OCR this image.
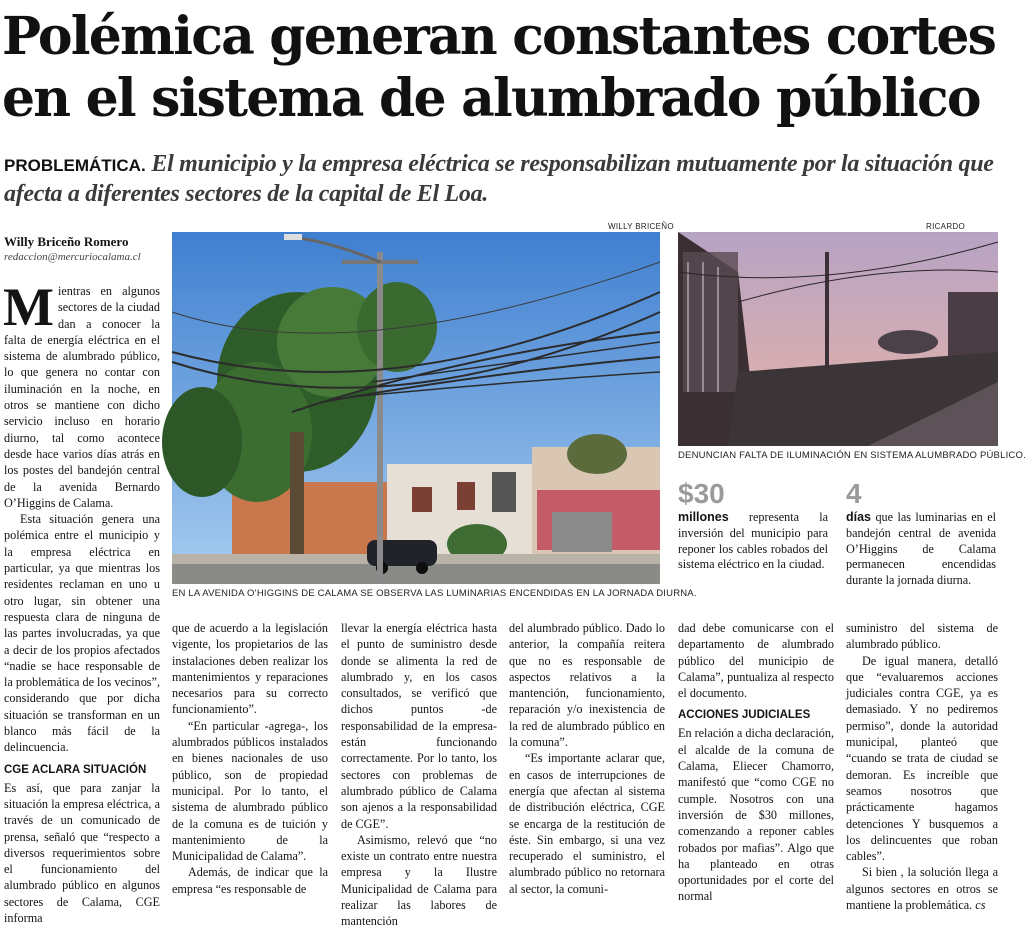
Polémica generan constantes cortes
en el sistema de alumbrado público
PROBLEMÁTICA. El municipio y la empresa eléctrica se responsabilizan mutuamente por la situación que afecta a diferentes sectores de la capital de El Loa.
Willy Briceño Romero
redaccion@mercuriocalama.cl
WILLY BRICEÑO
EN LA AVENIDA O’HIGGINS DE CALAMA SE OBSERVA LAS LUMINARIAS ENCENDIDAS EN LA JORNADA DIURNA.
RICARDO
DENUNCIAN FALTA DE ILUMINACIÓN EN SISTEMA ALUMBRADO PÚBLICO.
$30
millones representa la inversión del municipio para reponer los cables robados del sistema eléctrico en la ciudad.
4
días que las luminarias en el bandejón central de avenida O’Higgins de Calama permanecen encendidas durante la jornada diurna.

Mientras en algunos sectores de la ciudad dan a conocer la falta de energía eléctrica en el sistema de alumbrado público, lo que genera no contar con iluminación en la noche, en otros se mantiene con dicho servicio incluso en horario diurno, tal como acontece desde hace varios días atrás en los postes del bandejón central de la avenida Bernardo O’Higgins de Calama.

Esta situación genera una polémica entre el municipio y la empresa eléctrica en particular, ya que mientras los residentes reclaman en uno u otro lugar, sin obtener una respuesta clara de ninguna de las partes involucradas, ya que a decir de los propios afectados “nadie se hace responsable de la problemática de los vecinos”, considerando que por dicha situación se transforman en un blanco más fácil de la delincuencia.

CGE ACLARA SITUACIÓN

Es así, que para zanjar la situación la empresa eléctrica, a través de un comunicado de prensa, señaló que “respecto a diversos requerimientos sobre el funcionamiento del alumbrado público en algunos sectores de Calama, CGE informa

que de acuerdo a la legislación vigente, los propietarios de las instalaciones deben realizar los mantenimientos y reparaciones necesarios para su correcto funcionamiento”.

“En particular -agrega-, los alumbrados públicos instalados en bienes nacionales de uso público, son de propiedad municipal. Por lo tanto, el sistema de alumbrado público de la comuna es de tuición y mantenimiento de la Municipalidad de Calama”.

Además, de indicar que la empresa “es responsable de

llevar la energía eléctrica hasta el punto de suministro desde donde se alimenta la red de alumbrado y, en los casos consultados, se verificó que dichos puntos -de responsabilidad de la empresa- están funcionando correctamente. Por lo tanto, los sectores con problemas de alumbrado público de Calama son ajenos a la responsabilidad de CGE”.

Asimismo, relevó que “no existe un contrato entre nuestra empresa y la Ilustre Municipalidad de Calama para realizar las labores de mantención

del alumbrado público. Dado lo anterior, la compañía reitera que no es responsable de aspectos relativos a la mantención, funcionamiento, reparación y/o inexistencia de la red de alumbrado público en la comuna”.

“Es importante aclarar que, en casos de interrupciones de energía que afectan al sistema de distribución eléctrica, CGE se encarga de la restitución de éste. Sin embargo, si una vez recuperado el suministro, el alumbrado público no retornara al sector, la comuni-

dad debe comunicarse con el departamento de alumbrado público del municipio de Calama”, puntualiza al respecto el documento.

ACCIONES JUDICIALES

En relación a dicha declaración, el alcalde de la comuna de Calama, Eliecer Chamorro, manifestó que “como CGE no cumple. Nosotros con una inversión de $30 millones, comenzando a reponer cables robados por mafias”. Algo que ha planteado en otras oportunidades por el corte del normal

suministro del sistema de alumbrado público.

De igual manera, detalló que “evaluaremos acciones judiciales contra CGE, ya es demasiado. Y no pediremos permiso”, donde la autoridad municipal, planteó que “cuando se trata de ciudad se demoran. Es increíble que seamos nosotros que prácticamente hagamos detenciones Y busquemos a los delincuentes que roban cables”.

Si bien , la solución llega a algunos sectores en otros se mantiene la problemática. cs
